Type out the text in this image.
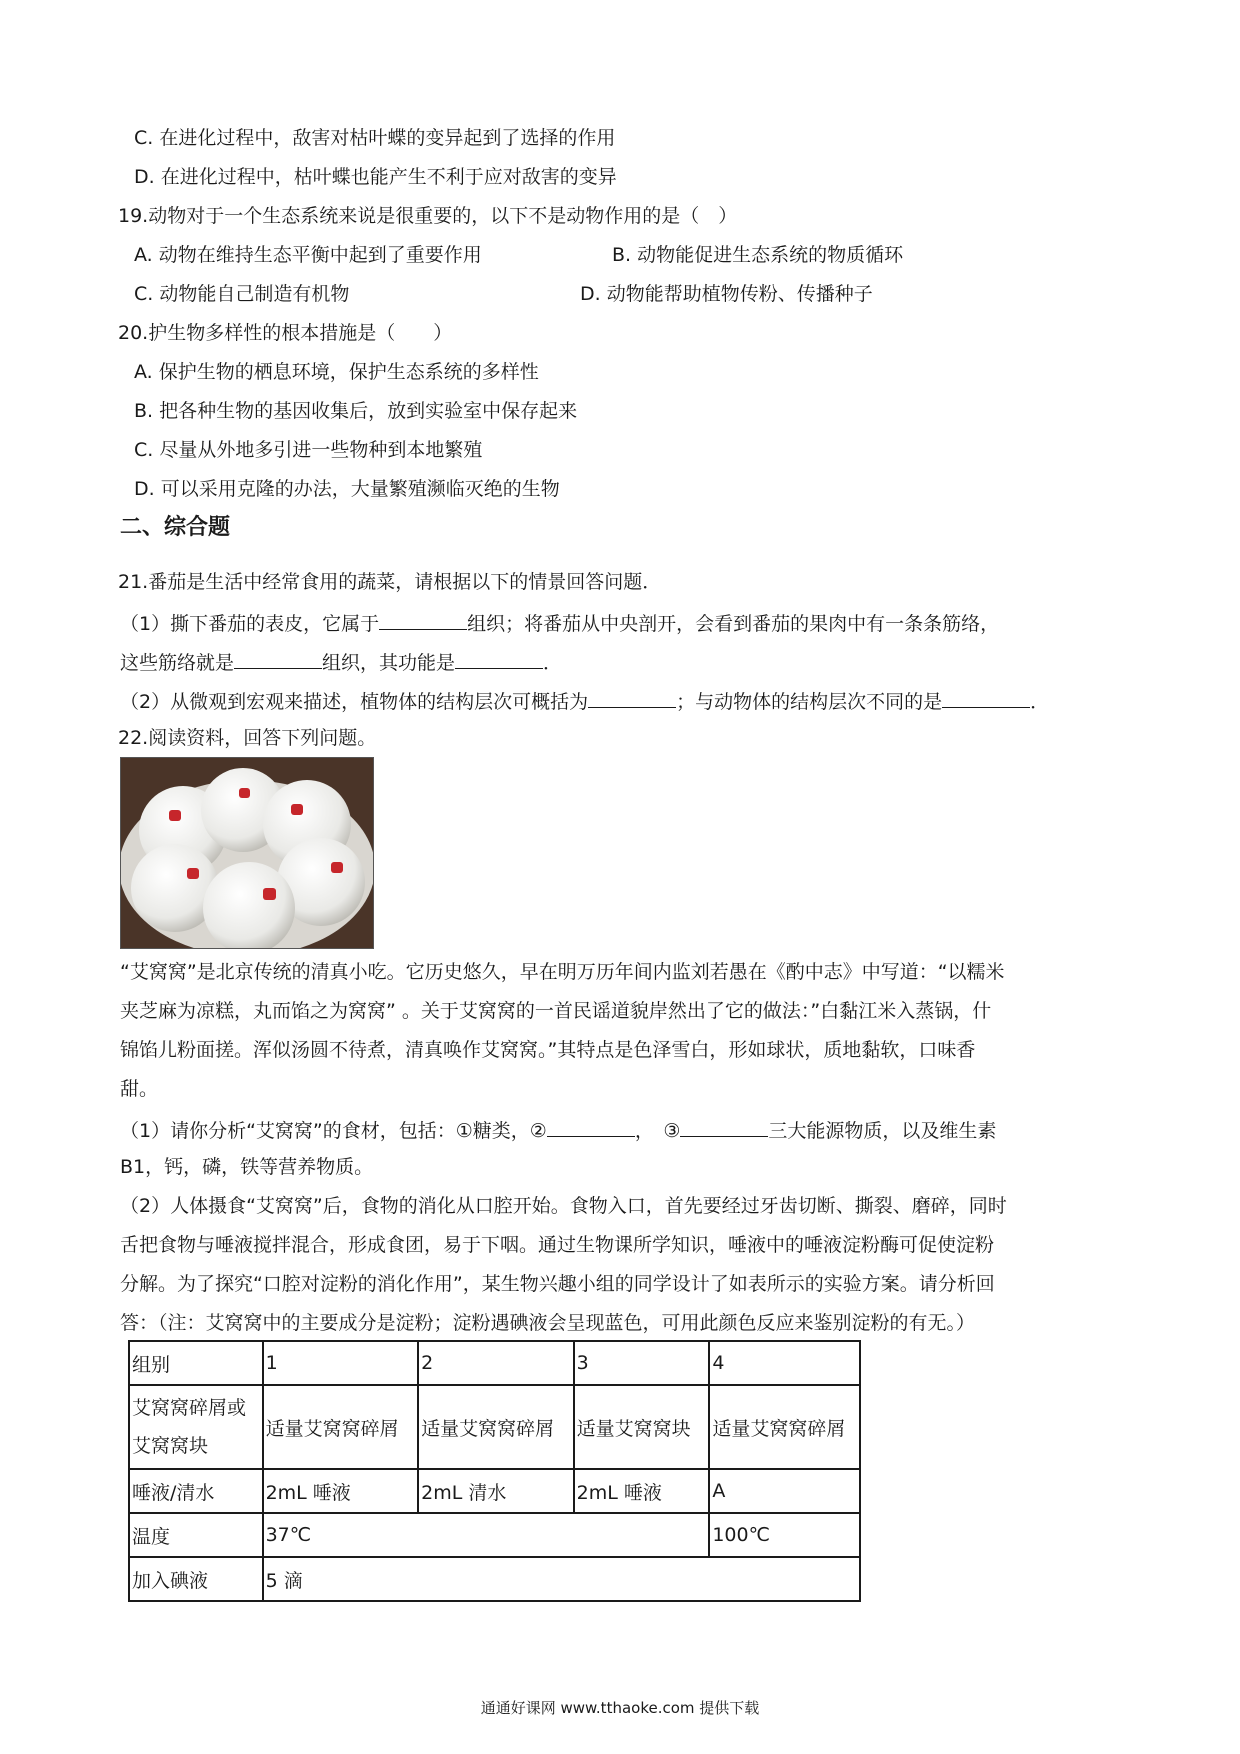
C. 在进化过程中，敌害对枯叶蝶的变异起到了选择的作用
D. 在进化过程中，枯叶蝶也能产生不利于应对敌害的变异
19.动物对于一个生态系统来说是很重要的，以下不是动物作用的是（　）
A. 动物在维持生态平衡中起到了重要作用	B. 动物能促进生态系统的物质循环
C. 动物能自己制造有机物	D. 动物能帮助植物传粉、传播种子
20.护生物多样性的根本措施是（　　）
A. 保护生物的栖息环境，保护生态系统的多样性
B. 把各种生物的基因收集后，放到实验室中保存起来
C. 尽量从外地多引进一些物种到本地繁殖
D. 可以采用克隆的办法，大量繁殖濒临灭绝的生物
二、综合题
21.番茄是生活中经常食用的蔬菜，请根据以下的情景回答问题．
（1）撕下番茄的表皮，它属于	组织；将番茄从中央剖开，会看到番茄的果肉中有一条条筋络，
这些筋络就是	组织，其功能是	．
（2）从微观到宏观来描述，植物体的结构层次可概括为	；与动物体的结构层次不同的是	．
22.阅读资料，回答下列问题。
“艾窝窝”是北京传统的清真小吃。它历史悠久，早在明万历年间内监刘若愚在《酌中志》中写道：“以糯米
夹芝麻为凉糕，丸而馅之为窝窝” 。关于艾窝窝的一首民谣道貌岸然出了它的做法：”白黏江米入蒸锅，什
锦馅儿粉面搓。浑似汤圆不待煮，清真唤作艾窝窝。”其特点是色泽雪白，形如球状，质地黏软，口味香
甜。
（1）请你分析“艾窝窝”的食材，包括：①糖类，②	，　③	三大能源物质，以及维生素
B1，钙，磷，铁等营养物质。
（2）人体摄食“艾窝窝”后，食物的消化从口腔开始。食物入口，首先要经过牙齿切断、撕裂、磨碎，同时
舌把食物与唾液搅拌混合，形成食团，易于下咽。通过生物课所学知识，唾液中的唾液淀粉酶可促使淀粉
分解。为了探究“口腔对淀粉的消化作用”，某生物兴趣小组的同学设计了如表所示的实验方案。请分析回
答：（注：艾窝窝中的主要成分是淀粉；淀粉遇碘液会呈现蓝色，可用此颜色反应来鉴别淀粉的有无。）
组别	1	2	3	4

艾窝窝碎屑或
艾窝窝块	适量艾窝窝碎屑	适量艾窝窝碎屑	适量艾窝窝块	适量艾窝窝碎屑
唾液/清水	2mL 唾液	2mL 清水	2mL 唾液	A
温度	37℃			100℃
加入碘液	5 滴			
通通好课网 www.tthaoke.com 提供下载
